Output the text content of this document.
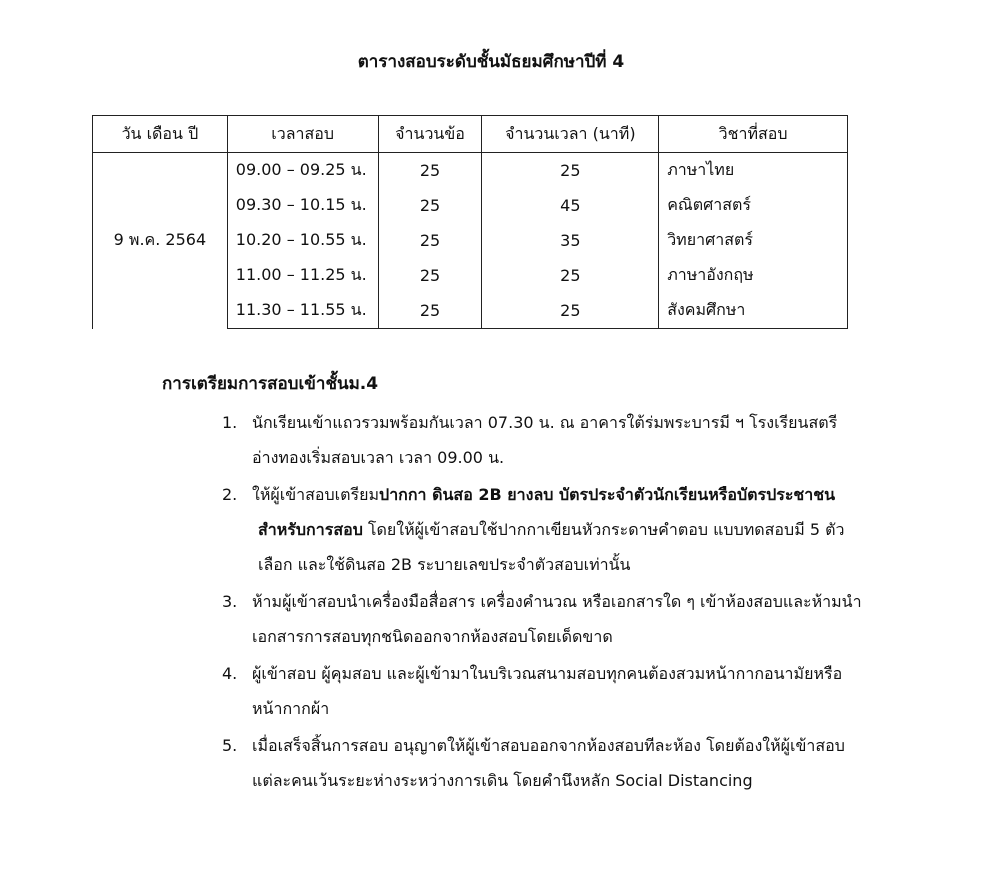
ตารางสอบระดับชั้นมัธยมศึกษาปีที่ 4
วัน เดือน ปี	เวลาสอบ	จำนวนข้อ	จำนวนเวลา (นาที)	วิชาที่สอบ
9 พ.ค. 2564	09.00 – 09.25 น.	25	25	ภาษาไทย
	09.30 – 10.15 น.	25	45	คณิตศาสตร์
	10.20 – 10.55 น.	25	35	วิทยาศาสตร์
	11.00 – 11.25 น.	25	25	ภาษาอังกฤษ
	11.30 – 11.55 น.	25	25	สังคมศึกษา
การเตรียมการสอบเข้าชั้นม.4
1. นักเรียนเข้าแถวรวมพร้อมกันเวลา 07.30 น. ณ อาคารใต้ร่มพระบารมี ฯ โรงเรียนสตรีอ่างทองเริ่มสอบเวลา เวลา 09.00 น.
2. ให้ผู้เข้าสอบเตรียมปากกา ดินสอ 2B ยางลบ บัตรประจำตัวนักเรียนหรือบัตรประชาชน
สำหรับการสอบ โดยให้ผู้เข้าสอบใช้ปากกาเขียนหัวกระดาษคำตอบ แบบทดสอบมี 5 ตัวเลือก และใช้ดินสอ 2B ระบายเลขประจำตัวสอบเท่านั้น
3. ห้ามผู้เข้าสอบนำเครื่องมือสื่อสาร เครื่องคำนวณ หรือเอกสารใด ๆ เข้าห้องสอบและห้ามนำเอกสารการสอบทุกชนิดออกจากห้องสอบโดยเด็ดขาด
4. ผู้เข้าสอบ ผู้คุมสอบ และผู้เข้ามาในบริเวณสนามสอบทุกคนต้องสวมหน้ากากอนามัยหรือหน้ากากผ้า
5. เมื่อเสร็จสิ้นการสอบ อนุญาตให้ผู้เข้าสอบออกจากห้องสอบทีละห้อง โดยต้องให้ผู้เข้าสอบแต่ละคนเว้นระยะห่างระหว่างการเดิน โดยคำนึงหลัก Social Distancing
